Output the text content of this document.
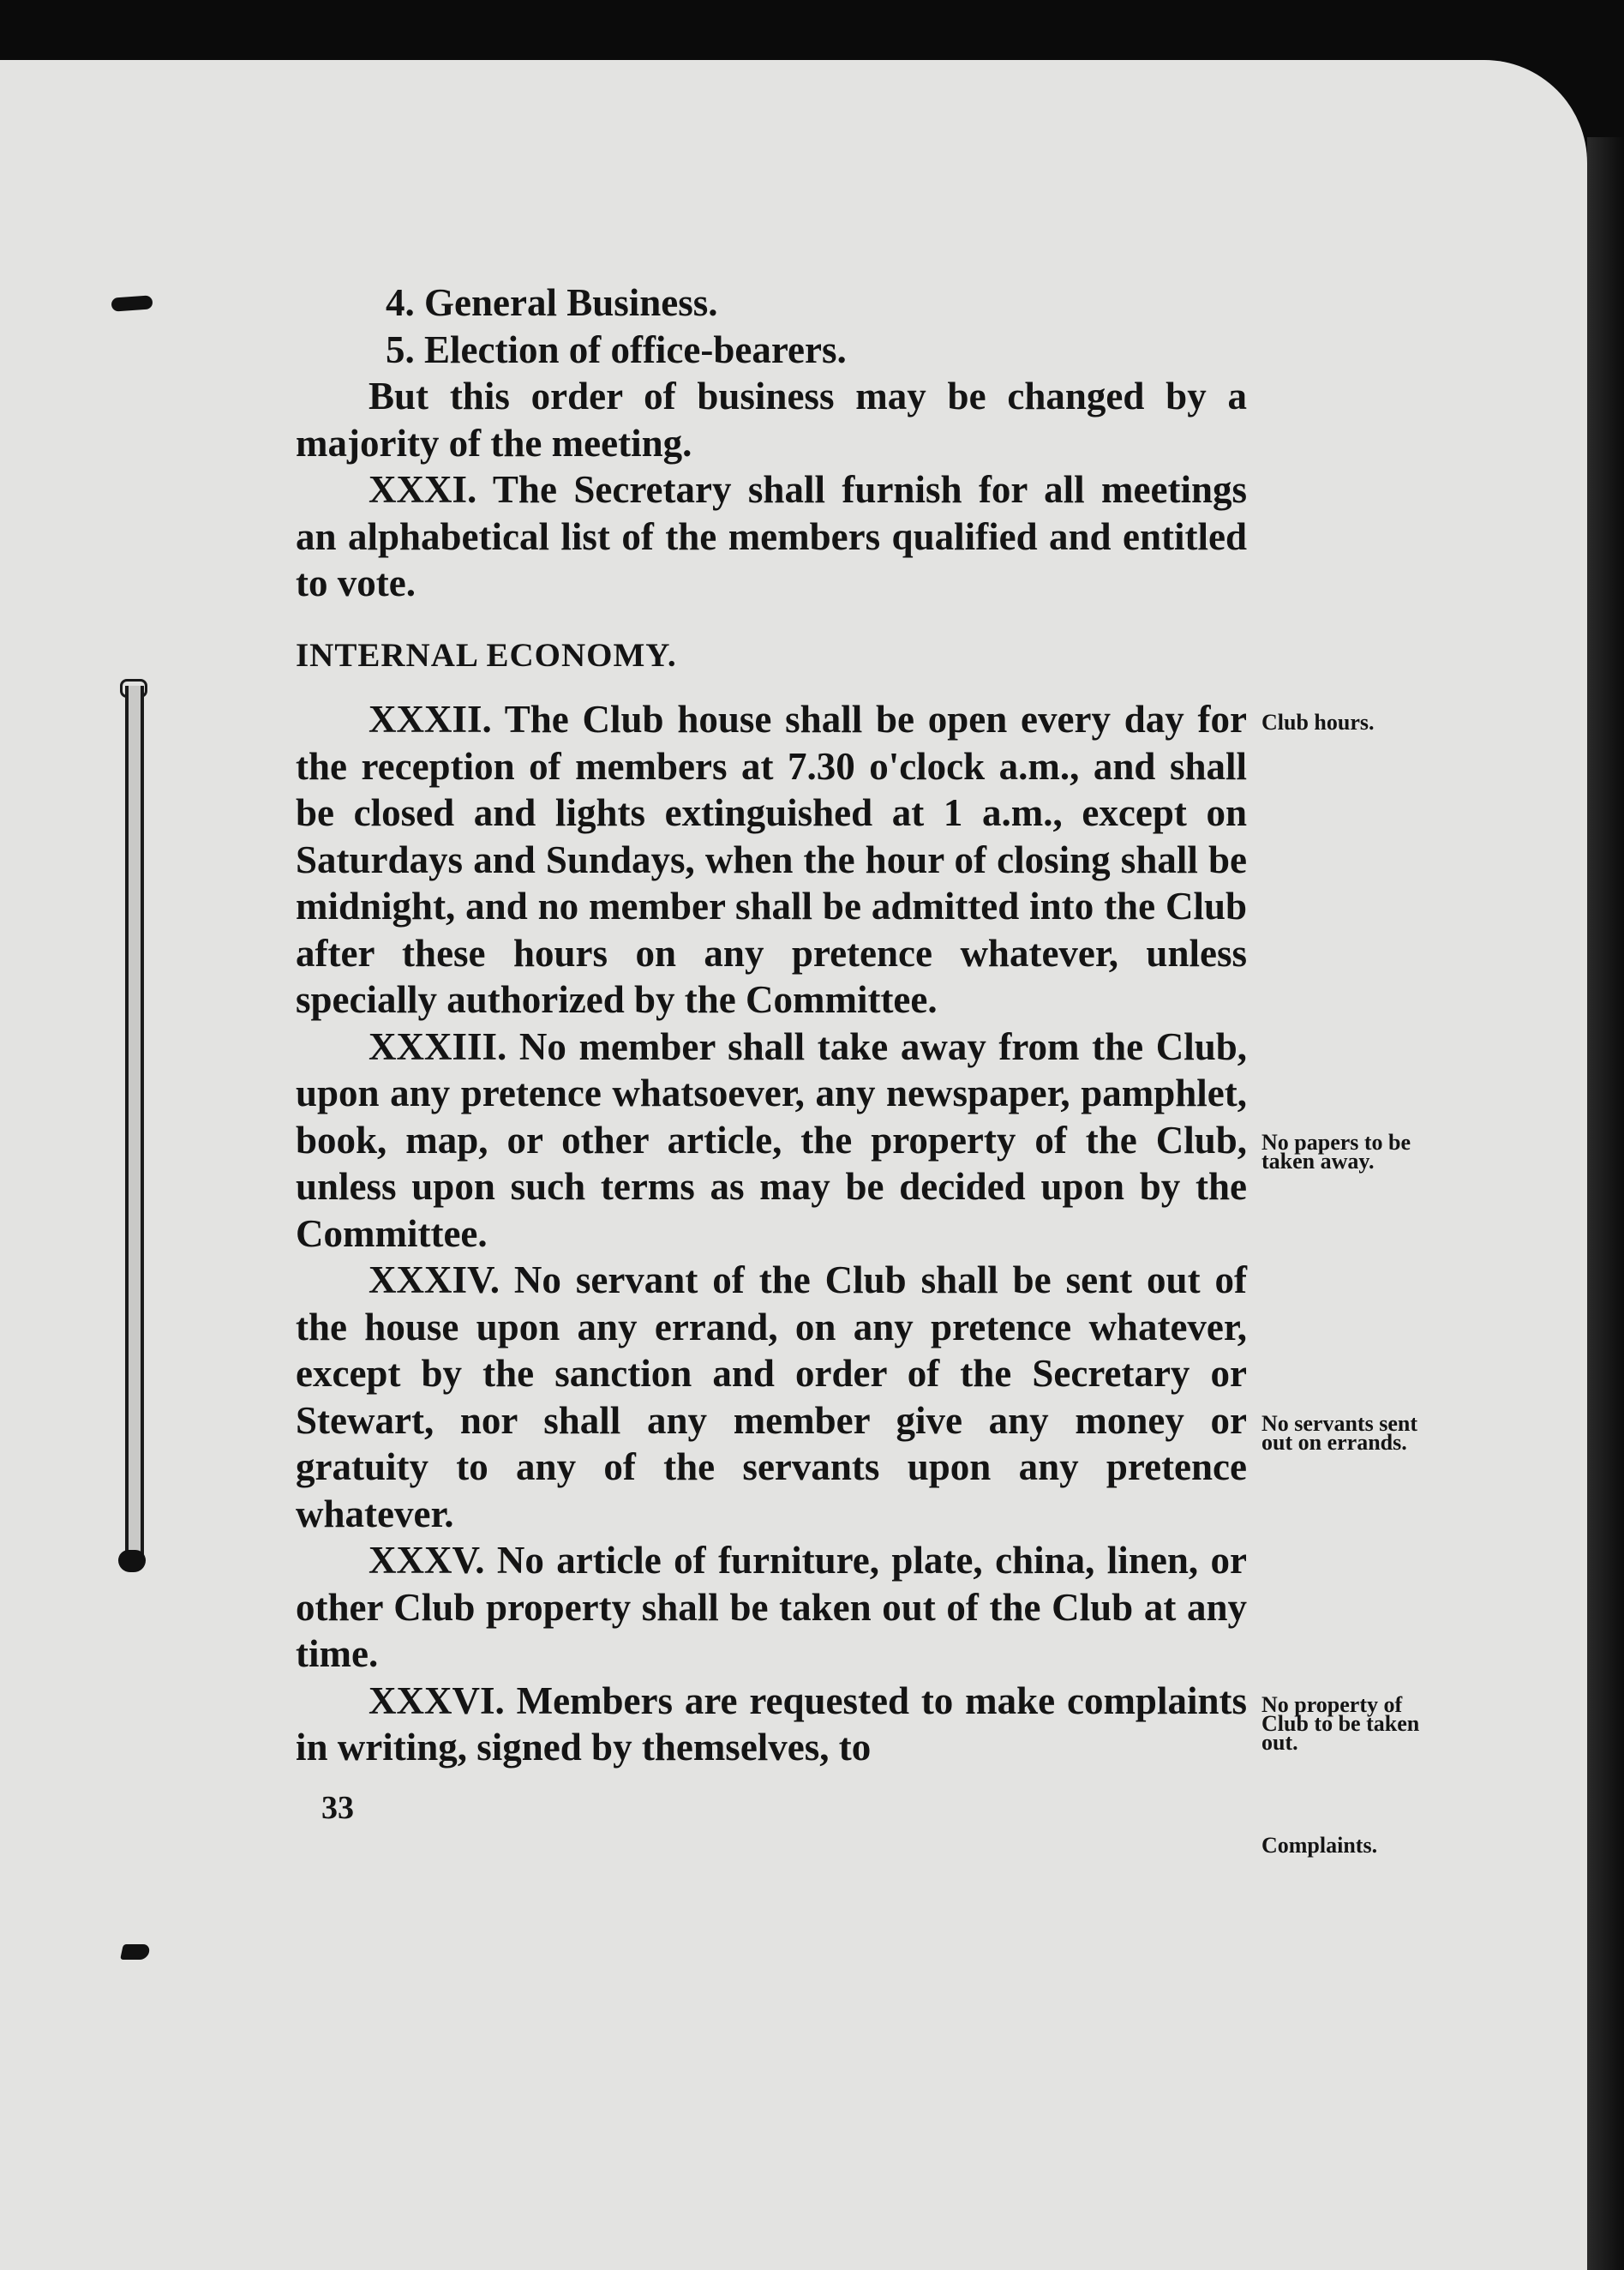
4. General Business.

5. Election of office-bearers.

But this order of business may be changed by a majority of the meeting.

XXXI. The Secretary shall furnish for all meetings an alphabetical list of the members qualified and entitled to vote.

INTERNAL ECONOMY.

XXXII. The Club house shall be open every day for the reception of members at 7.30 o'clock a.m., and shall be closed and lights extinguished at 1 a.m., except on Saturdays and Sundays, when the hour of closing shall be midnight, and no member shall be admitted into the Club after these hours on any pretence whatever, unless specially authorized by the Committee.

XXXIII. No member shall take away from the Club, upon any pretence whatsoever, any newspaper, pamphlet, book, map, or other article, the property of the Club, unless upon such terms as may be decided upon by the Committee.

XXXIV. No servant of the Club shall be sent out of the house upon any errand, on any pretence whatever, except by the sanction and order of the Secretary or Stewart, nor shall any member give any money or gratuity to any of the servants upon any pretence whatever.

XXXV. No article of furniture, plate, china, linen, or other Club property shall be taken out of the Club at any time.

XXXVI. Members are requested to make complaints in writing, signed by themselves, to

33

Club hours.
No papers to be taken away.
No servants sent out on errands.
No property of Club to be taken out.
Complaints.
